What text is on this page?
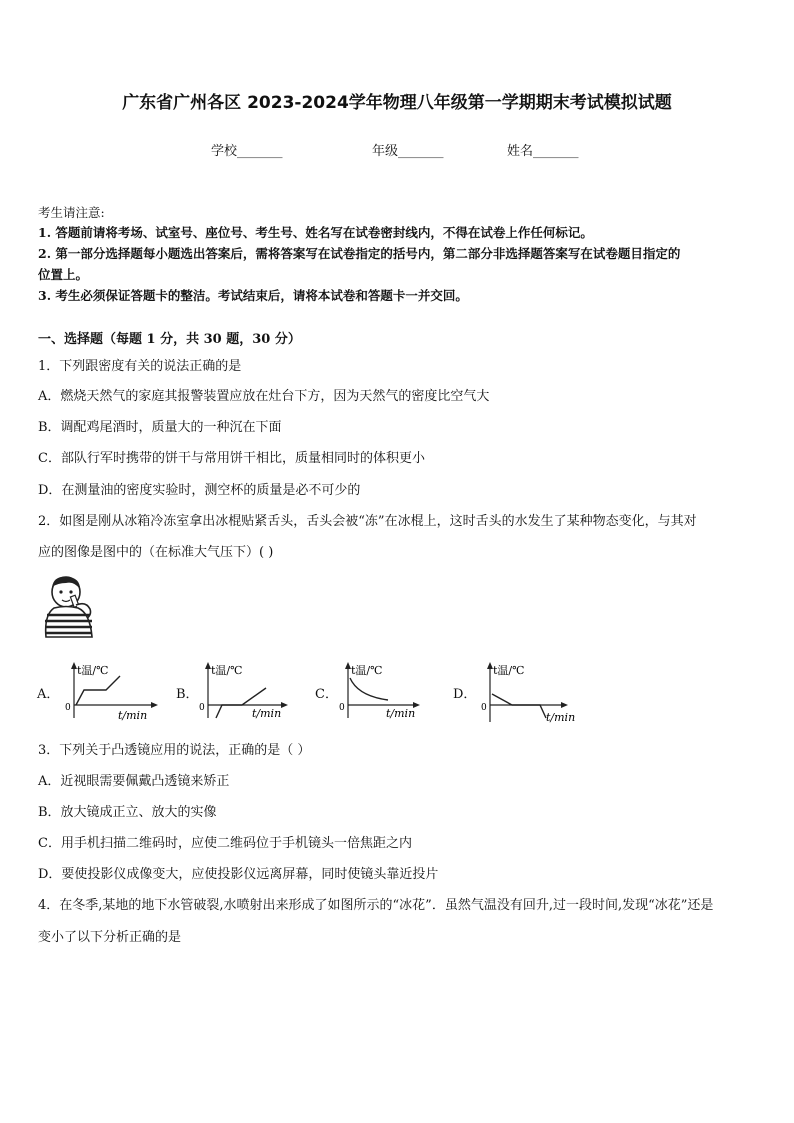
广东省广州各区 2023-2024学年物理八年级第一学期期末考试模拟试题
学校_______	年级_______	姓名_______
考生请注意:
1. 答题前请将考场、试室号、座位号、考生号、姓名写在试卷密封线内，不得在试卷上作任何标记。
2. 第一部分选择题每小题选出答案后，需将答案写在试卷指定的括号内，第二部分非选择题答案写在试卷题目指定的
位置上。
3. 考生必须保证答题卡的整洁。考试结束后，请将本试卷和答题卡一并交回。
一、选择题（每题 1 分，共 30 题，30 分）
1．下列跟密度有关的说法正确的是
A．燃烧天然气的家庭其报警装置应放在灶台下方，因为天然气的密度比空气大
B．调配鸡尾酒时，质量大的一种沉在下面
C．部队行军时携带的饼干与常用饼干相比，质量相同时的体积更小
D．在测量油的密度实验时，测空杯的质量是必不可少的
2．如图是刚从冰箱冷冻室拿出冰棍贴紧舌头，舌头会被“冻”在冰棍上，这时舌头的水发生了某种物态变化，与其对
应的图像是图中的（在标准大气压下）( )
A．
t温/℃
0
t/min
B．
t温/℃
0	t/min
C．
t温/℃
0	t/min
D．
t温/℃
0
t/min
3．下列关于凸透镜应用的说法，正确的是（ ）
A．近视眼需要佩戴凸透镜来矫正
B．放大镜成正立、放大的实像
C．用手机扫描二维码时，应使二维码位于手机镜头一倍焦距之内
D．要使投影仪成像变大，应使投影仪远离屏幕，同时使镜头靠近投片
4．在冬季,某地的地下水管破裂,水喷射出来形成了如图所示的“冰花”．虽然气温没有回升,过一段时间,发现“冰花”还是
变小了以下分析正确的是
